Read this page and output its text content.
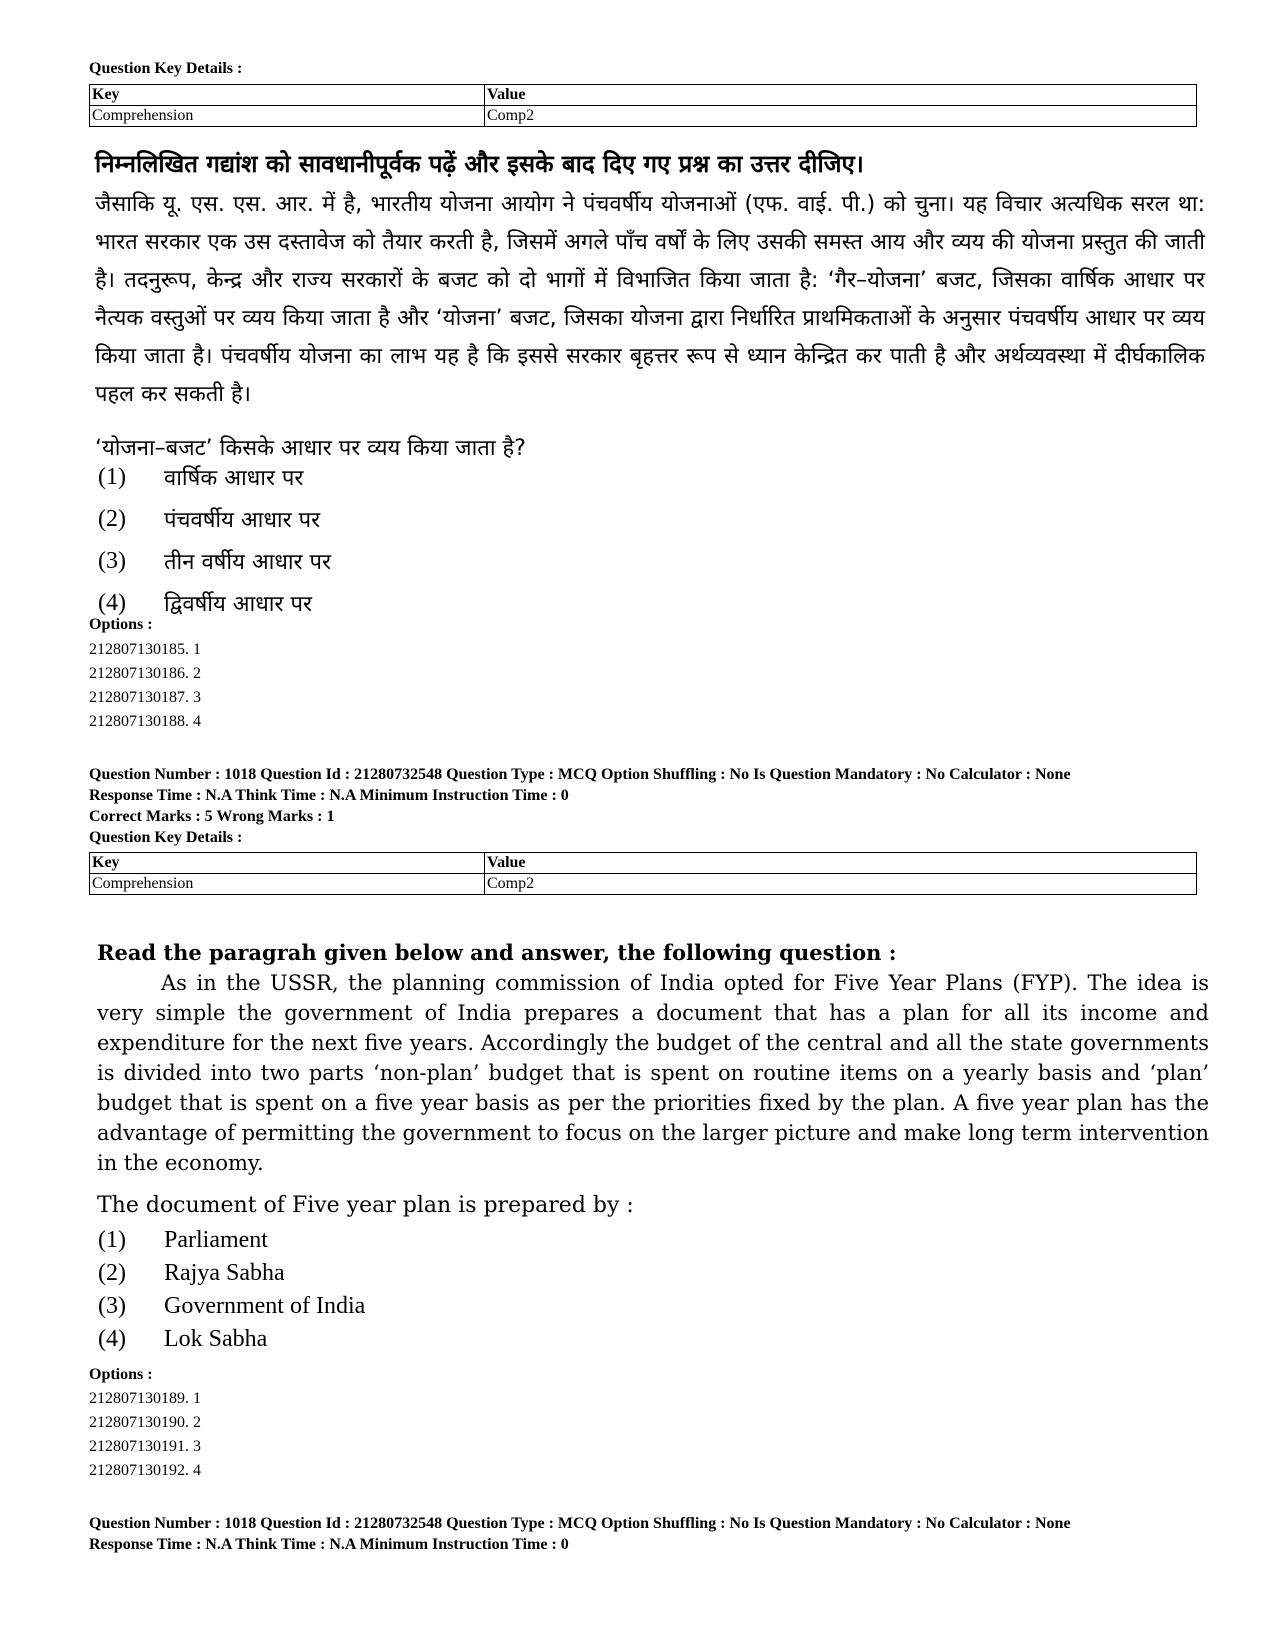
Question Key Details :
Key	Value
Comprehension	Comp2
निम्नलिखित गद्यांश को सावधानीपूर्वक पढ़ें और इसके बाद दिए गए प्रश्न का उत्तर दीजिए।
जैसाकि यू. एस. एस. आर. में है, भारतीय योजना आयोग ने पंचवर्षीय योजनाओं (एफ. वाई. पी.) को चुना। यह विचार अत्यधिक सरल था: भारत सरकार एक उस दस्तावेज को तैयार करती है, जिसमें अगले पाँच वर्षों के लिए उसकी समस्त आय और व्यय की योजना प्रस्तुत की जाती है। तदनुरूप, केन्द्र और राज्य सरकारों के बजट को दो भागों में विभाजित किया जाता है: ‘गैर–योजना’ बजट, जिसका वार्षिक आधार पर नैत्यक वस्तुओं पर व्यय किया जाता है और ‘योजना’ बजट, जिसका योजना द्वारा निर्धारित प्राथमिकताओं के अनुसार पंचवर्षीय आधार पर व्यय किया जाता है। पंचवर्षीय योजना का लाभ यह है कि इससे सरकार बृहत्तर रूप से ध्यान केन्द्रित कर पाती है और अर्थव्यवस्था में दीर्घकालिक पहल कर सकती है।
‘योजना–बजट’ किसके आधार पर व्यय किया जाता है?
(1)	वार्षिक आधार पर
(2)	पंचवर्षीय आधार पर
(3)	तीन वर्षीय आधार पर
(4)	द्विवर्षीय आधार पर
Options :
212807130185. 1
212807130186. 2
212807130187. 3
212807130188. 4
Question Number : 1018 Question Id : 21280732548 Question Type : MCQ Option Shuffling : No Is Question Mandatory : No Calculator : None
Response Time : N.A Think Time : N.A Minimum Instruction Time : 0
Correct Marks : 5 Wrong Marks : 1
Question Key Details :
Key	Value
Comprehension	Comp2
Read the paragrah given below and answer, the following question :
As in the USSR, the planning commission of India opted for Five Year Plans (FYP). The idea is very simple the government of India prepares a document that has a plan for all its income and expenditure for the next five years. Accordingly the budget of the central and all the state governments is divided into two parts ‘non-plan’ budget that is spent on routine items on a yearly basis and ‘plan’ budget that is spent on a five year basis as per the priorities fixed by the plan. A five year plan has the advantage of permitting the government to focus on the larger picture and make long term intervention in the economy.
The document of Five year plan is prepared by :
(1)	Parliament
(2)	Rajya Sabha
(3)	Government of India
(4)	Lok Sabha
Options :
212807130189. 1
212807130190. 2
212807130191. 3
212807130192. 4
Question Number : 1018 Question Id : 21280732548 Question Type : MCQ Option Shuffling : No Is Question Mandatory : No Calculator : None
Response Time : N.A Think Time : N.A Minimum Instruction Time : 0
